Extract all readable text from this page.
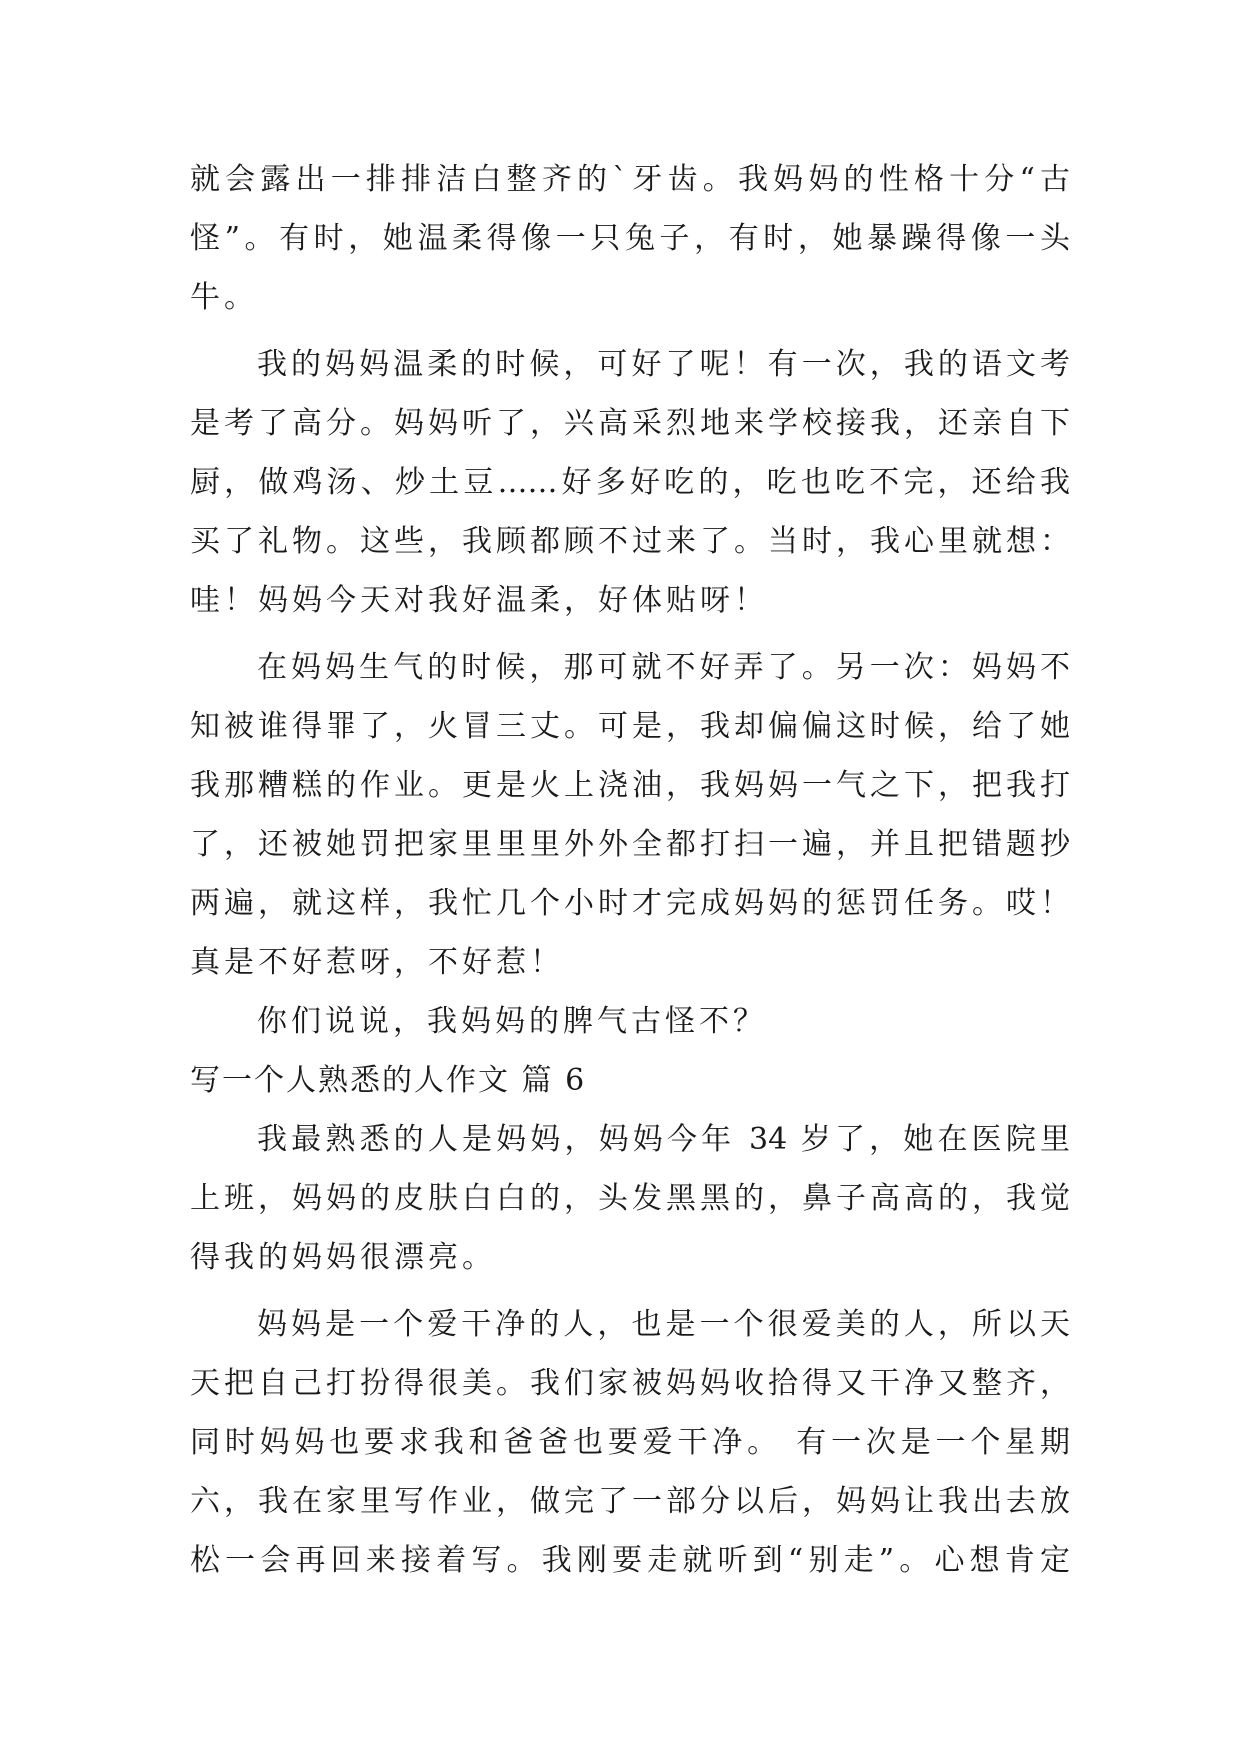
就会露出一排排洁白整齐的`牙齿。我妈妈的性格十分“古
怪”。有时，她温柔得像一只兔子，有时，她暴躁得像一头
牛。
我的妈妈温柔的时候，可好了呢！有一次，我的语文考
是考了高分。妈妈听了，兴高采烈地来学校接我，还亲自下
厨，做鸡汤、炒土豆……好多好吃的，吃也吃不完，还给我
买了礼物。这些，我顾都顾不过来了。当时，我心里就想：
哇！妈妈今天对我好温柔，好体贴呀！
在妈妈生气的时候，那可就不好弄了。另一次：妈妈不
知被谁得罪了，火冒三丈。可是，我却偏偏这时候，给了她
我那糟糕的作业。更是火上浇油，我妈妈一气之下，把我打
了，还被她罚把家里里里外外全都打扫一遍，并且把错题抄
两遍，就这样，我忙几个小时才完成妈妈的惩罚任务。哎！
真是不好惹呀，不好惹！
你们说说，我妈妈的脾气古怪不？
写一个人熟悉的人作文 篇 6
我最熟悉的人是妈妈，妈妈今年 34 岁了，她在医院里
上班，妈妈的皮肤白白的，头发黑黑的，鼻子高高的，我觉
得我的妈妈很漂亮。
妈妈是一个爱干净的人，也是一个很爱美的人，所以天
天把自己打扮得很美。我们家被妈妈收拾得又干净又整齐，
同时妈妈也要求我和爸爸也要爱干净。 有一次是一个星期
六，我在家里写作业，做完了一部分以后，妈妈让我出去放
松一会再回来接着写。我刚要走就听到“别走”。心想肯定
